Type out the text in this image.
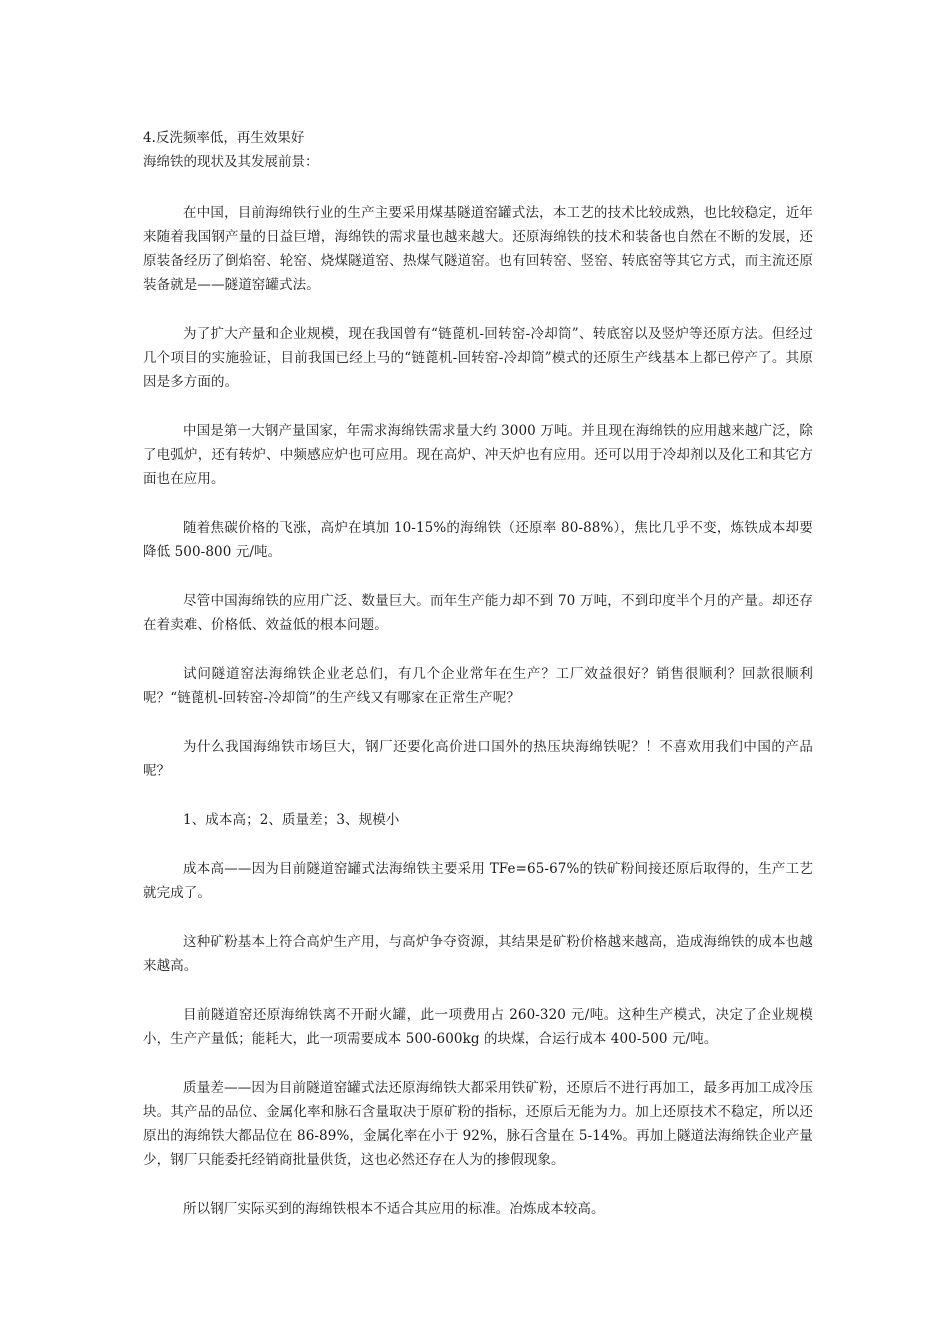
4.反洗频率低，再生效果好

海绵铁的现状及其发展前景：

在中国，目前海绵铁行业的生产主要采用煤基隧道窑罐式法，本工艺的技术比较成熟，也比较稳定，近年来随着我国钢产量的日益巨增，海绵铁的需求量也越来越大。还原海绵铁的技术和装备也自然在不断的发展，还原装备经历了倒焰窑、轮窑、烧煤隧道窑、热煤气隧道窑。也有回转窑、竖窑、转底窑等其它方式，而主流还原装备就是——隧道窑罐式法。

为了扩大产量和企业规模，现在我国曾有“链蓖机-回转窑-冷却筒”、转底窑以及竖炉等还原方法。但经过几个项目的实施验证，目前我国已经上马的“链蓖机-回转窑-冷却筒”模式的还原生产线基本上都已停产了。其原因是多方面的。

中国是第一大钢产量国家，年需求海绵铁需求量大约 3000 万吨。并且现在海绵铁的应用越来越广泛，除了电弧炉，还有转炉、中频感应炉也可应用。现在高炉、冲天炉也有应用。还可以用于冷却剂以及化工和其它方面也在应用。

随着焦碳价格的飞涨，高炉在填加 10-15%的海绵铁（还原率 80-88%），焦比几乎不变，炼铁成本却要降低 500-800 元/吨。

尽管中国海绵铁的应用广泛、数量巨大。而年生产能力却不到 70 万吨，不到印度半个月的产量。却还存在着卖难、价格低、效益低的根本问题。

试问隧道窑法海绵铁企业老总们，有几个企业常年在生产？工厂效益很好？销售很顺利？回款很顺利呢？“链蓖机-回转窑-冷却筒”的生产线又有哪家在正常生产呢？

为什么我国海绵铁市场巨大，钢厂还要化高价进口国外的热压块海绵铁呢？！不喜欢用我们中国的产品呢？

1、成本高；2、质量差；3、规模小

成本高——因为目前隧道窑罐式法海绵铁主要采用 TFe=65-67%的铁矿粉间接还原后取得的，生产工艺就完成了。

这种矿粉基本上符合高炉生产用，与高炉争夺资源，其结果是矿粉价格越来越高，造成海绵铁的成本也越来越高。

目前隧道窑还原海绵铁离不开耐火罐，此一项费用占 260-320 元/吨。这种生产模式，决定了企业规模小，生产产量低；能耗大，此一项需要成本 500-600kg 的块煤，合运行成本 400-500 元/吨。

质量差——因为目前隧道窑罐式法还原海绵铁大都采用铁矿粉，还原后不进行再加工，最多再加工成冷压块。其产品的品位、金属化率和脉石含量取决于原矿粉的指标，还原后无能为力。加上还原技术不稳定，所以还原出的海绵铁大都品位在 86-89%，金属化率在小于 92%，脉石含量在 5-14%。再加上隧道法海绵铁企业产量少，钢厂只能委托经销商批量供货，这也必然还存在人为的掺假现象。

所以钢厂实际买到的海绵铁根本不适合其应用的标准。冶炼成本较高。
